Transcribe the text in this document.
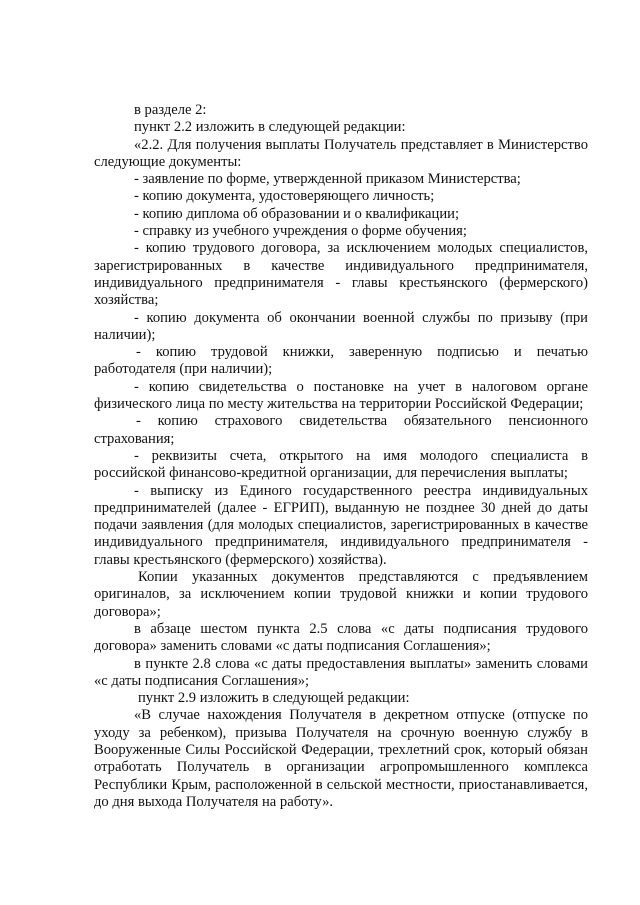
в разделе 2:

пункт 2.2 изложить в следующей редакции:

«2.2. Для получения выплаты Получатель представляет в Министерство следующие документы:

- заявление по форме, утвержденной приказом Министерства;

- копию документа, удостоверяющего личность;

- копию диплома об образовании и о квалификации;

- справку из учебного учреждения о форме обучения;

- копию трудового договора, за исключением молодых специалистов, зарегистрированных в качестве индивидуального предпринимателя, индивидуального предпринимателя - главы крестьянского (фермерского) хозяйства;

- копию документа об окончании военной службы по призыву (при наличии);

- копию трудовой книжки, заверенную подписью и печатью работодателя (при наличии);

- копию свидетельства о постановке на учет в налоговом органе физического лица по месту жительства на территории Российской Федерации;

- копию страхового свидетельства обязательного пенсионного страхования;

- реквизиты счета, открытого на имя молодого специалиста в российской финансово-кредитной организации, для перечисления выплаты;

- выписку из Единого государственного реестра индивидуальных предпринимателей (далее - ЕГРИП), выданную не позднее 30 дней до даты подачи заявления (для молодых специалистов, зарегистрированных в качестве индивидуального предпринимателя, индивидуального предпринимателя - главы крестьянского (фермерского) хозяйства).

Копии указанных документов представляются с предъявлением оригиналов, за исключением копии трудовой книжки и копии трудового договора»;

в абзаце шестом пункта 2.5 слова «с даты подписания трудового договора» заменить словами «с даты подписания Соглашения»;

в пункте 2.8 слова «с даты предоставления выплаты» заменить словами «с даты подписания Соглашения»;

пункт 2.9 изложить в следующей редакции:

«В случае нахождения Получателя в декретном отпуске (отпуске по уходу за ребенком), призыва Получателя на срочную военную службу в Вооруженные Силы Российской Федерации, трехлетний срок, который обязан отработать Получатель в организации агропромышленного комплекса Республики Крым, расположенной в сельской местности, приостанавливается, до дня выхода Получателя на работу».
